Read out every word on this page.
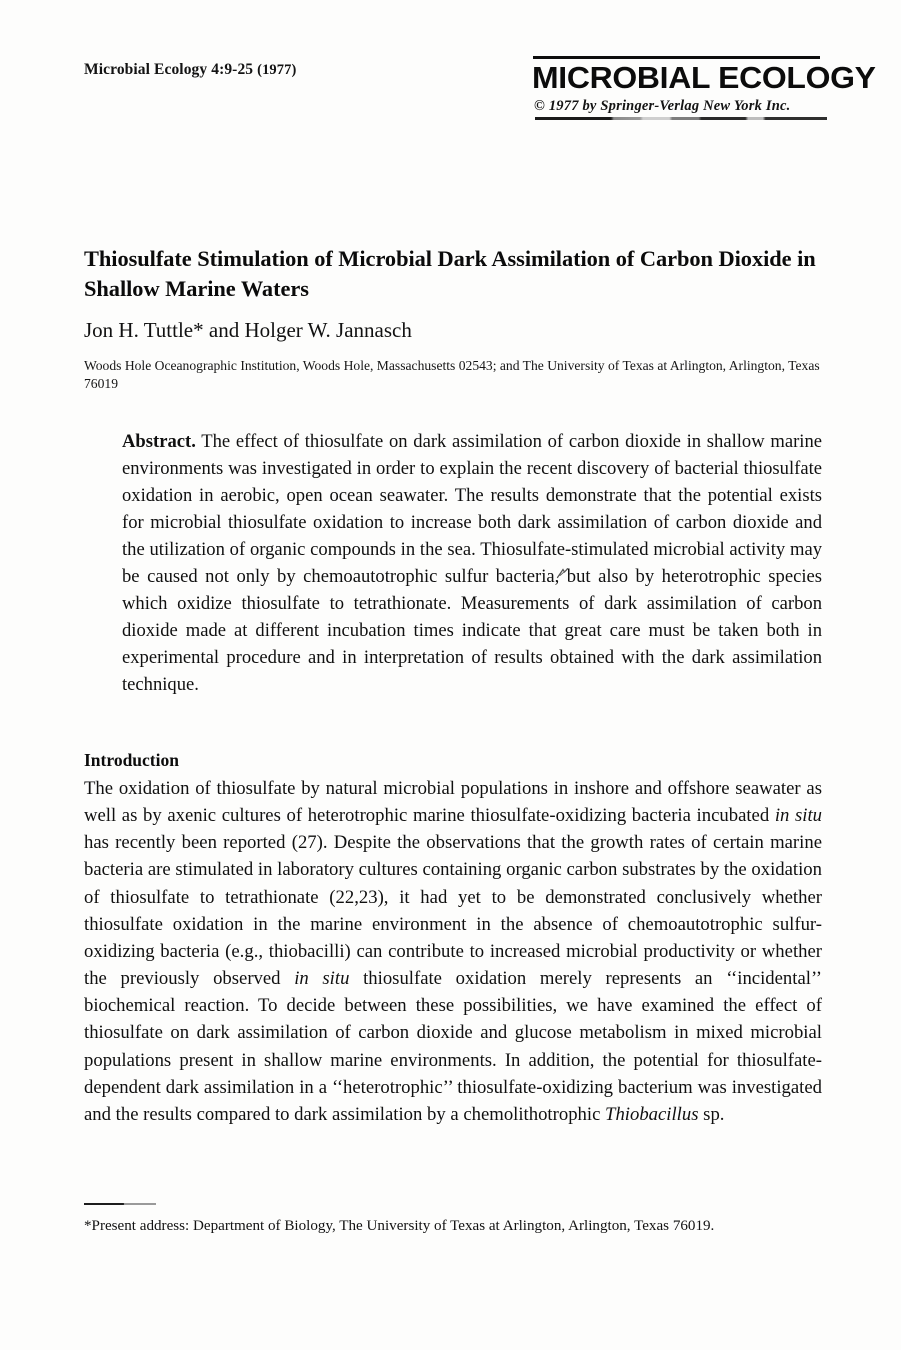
Microbial Ecology 4:9-25 (1977)	MICROBIAL ECOLOGY
© 1977 by Springer-Verlag New York Inc.
Thiosulfate Stimulation of Microbial Dark Assimilation of Carbon Dioxide in Shallow Marine Waters
Jon H. Tuttle* and Holger W. Jannasch
Woods Hole Oceanographic Institution, Woods Hole, Massachusetts 02543; and The University of Texas at Arlington, Arlington, Texas 76019
Abstract. The effect of thiosulfate on dark assimilation of carbon dioxide in shallow marine environments was investigated in order to explain the recent discovery of bacterial thiosulfate oxidation in aerobic, open ocean seawater. The results demonstrate that the potential exists for microbial thiosulfate oxidation to increase both dark assimilation of carbon dioxide and the utilization of organic compounds in the sea. Thiosulfate-stimulated microbial activity may be caused not only by chemoautotrophic sulfur bacteria, but also by heterotrophic species which oxidize thiosulfate to tetrathionate. Measurements of dark assimilation of carbon dioxide made at different incubation times indicate that great care must be taken both in experimental procedure and in interpretation of results obtained with the dark assimilation technique.
Introduction
The oxidation of thiosulfate by natural microbial populations in inshore and offshore seawater as well as by axenic cultures of heterotrophic marine thiosulfate-oxidizing bacteria incubated in situ has recently been reported (27). Despite the observations that the growth rates of certain marine bacteria are stimulated in laboratory cultures containing organic carbon substrates by the oxidation of thiosulfate to tetrathionate (22,23), it had yet to be demonstrated conclusively whether thiosulfate oxidation in the marine environment in the absence of chemoautotrophic sulfur-oxidizing bacteria (e.g., thiobacilli) can contribute to increased microbial productivity or whether the previously observed in situ thiosulfate oxidation merely represents an ‘‘incidental’’ biochemical reaction. To decide between these possibilities, we have examined the effect of thiosulfate on dark assimilation of carbon dioxide and glucose metabolism in mixed microbial populations present in shallow marine environments. In addition, the potential for thiosulfate-dependent dark assimilation in a ‘‘heterotrophic’’ thiosulfate-oxidizing bacterium was investigated and the results compared to dark assimilation by a chemolithotrophic Thiobacillus sp.
*Present address: Department of Biology, The University of Texas at Arlington, Arlington, Texas 76019.
